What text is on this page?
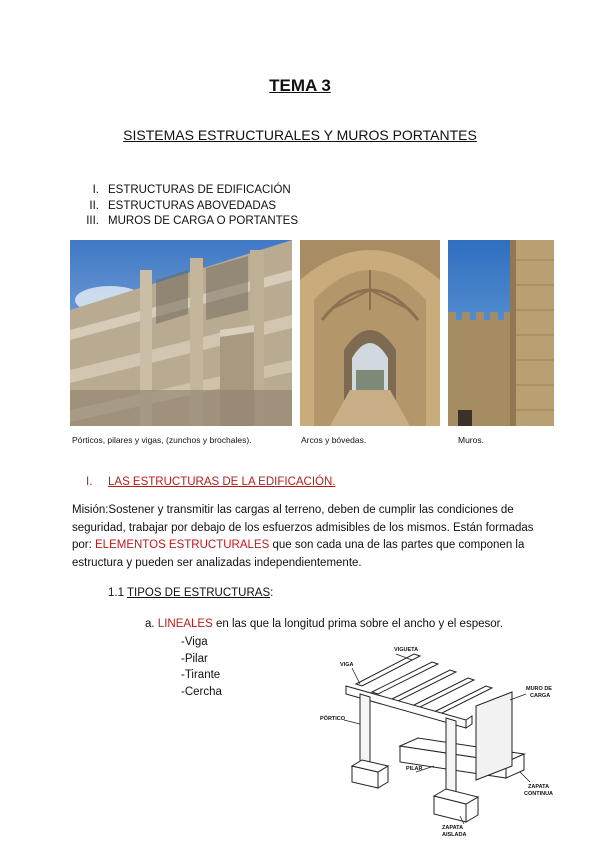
TEMA 3
SISTEMAS ESTRUCTURALES Y MUROS PORTANTES
I. ESTRUCTURAS DE EDIFICACIÓN
II. ESTRUCTURAS ABOVEDADAS
III. MUROS DE CARGA O PORTANTES
Pórticos, pilares y vigas, (zunchos y brochales).	Arcos y bóvedas.	Muros.
I.	LAS ESTRUCTURAS DE LA EDIFICACIÓN.
Misión:Sostener y transmitir las cargas al terreno, deben de cumplir las condiciones de seguridad, trabajar por debajo de los esfuerzos admisibles de los mismos. Están formadas por: ELEMENTOS ESTRUCTURALES que son cada una de las partes que componen la estructura y pueden ser analizadas independientemente.
1.1 TIPOS DE ESTRUCTURAS:
a. LINEALES en las que la longitud prima sobre el ancho y el espesor.
-Viga
-Pilar
-Tirante
-Cercha
VIGUETA
VIGA
MURO DE
CARGA
PÓRTICO
PILAR
ZAPATA
CONTINUA
ZAPATA
AISLADA
